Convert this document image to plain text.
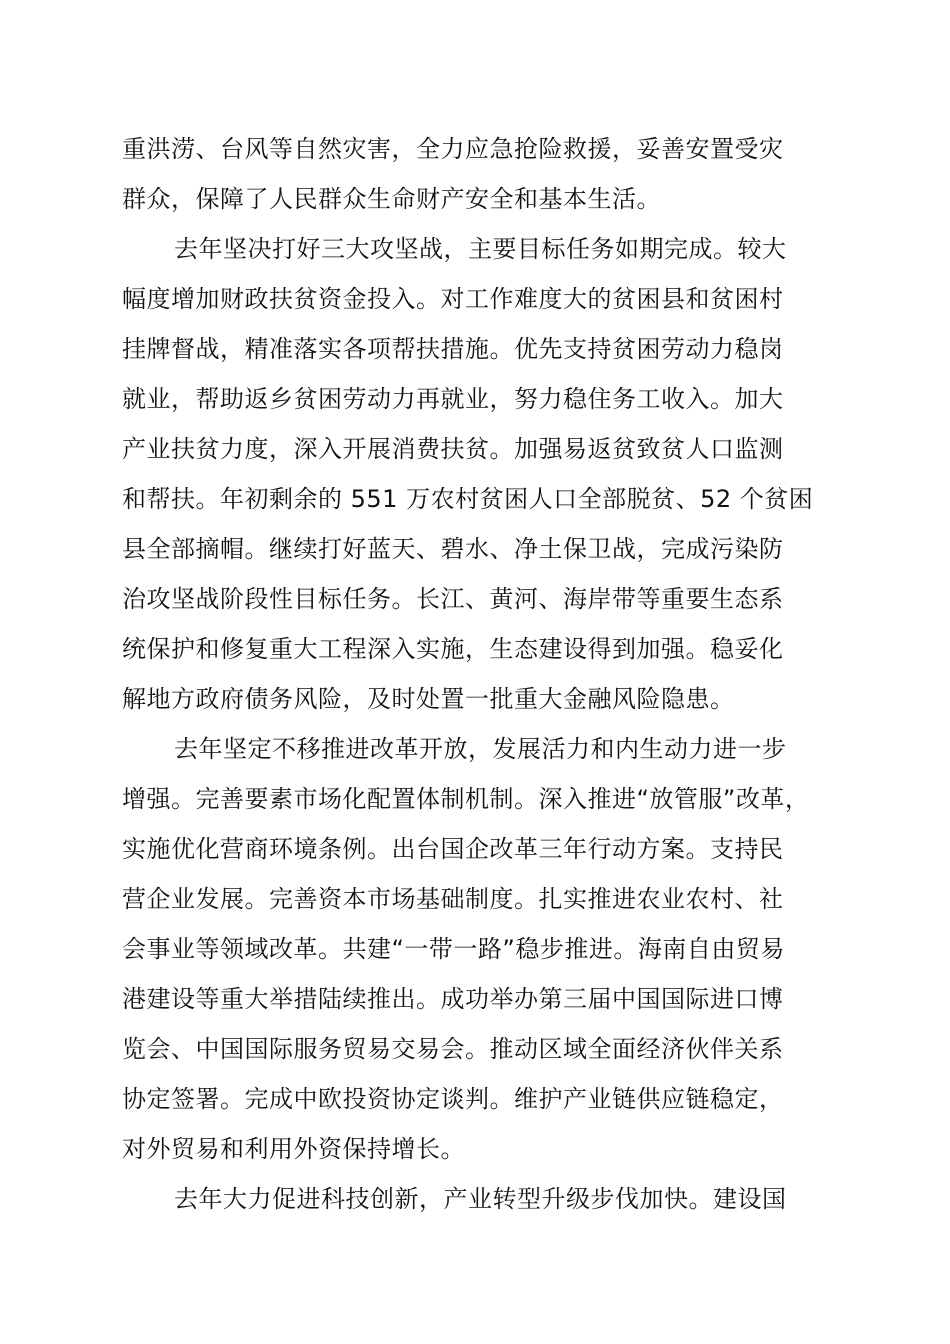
重洪涝、台风等自然灾害，全力应急抢险救援，妥善安置受灾
群众，保障了人民群众生命财产安全和基本生活。
去年坚决打好三大攻坚战，主要目标任务如期完成。较大
幅度增加财政扶贫资金投入。对工作难度大的贫困县和贫困村
挂牌督战，精准落实各项帮扶措施。优先支持贫困劳动力稳岗
就业，帮助返乡贫困劳动力再就业，努力稳住务工收入。加大
产业扶贫力度，深入开展消费扶贫。加强易返贫致贫人口监测
和帮扶。年初剩余的 551 万农村贫困人口全部脱贫、52 个贫困
县全部摘帽。继续打好蓝天、碧水、净土保卫战，完成污染防
治攻坚战阶段性目标任务。长江、黄河、海岸带等重要生态系
统保护和修复重大工程深入实施，生态建设得到加强。稳妥化
解地方政府债务风险，及时处置一批重大金融风险隐患。
去年坚定不移推进改革开放，发展活力和内生动力进一步
增强。完善要素市场化配置体制机制。深入推进“放管服”改革，
实施优化营商环境条例。出台国企改革三年行动方案。支持民
营企业发展。完善资本市场基础制度。扎实推进农业农村、社
会事业等领域改革。共建“一带一路”稳步推进。海南自由贸易
港建设等重大举措陆续推出。成功举办第三届中国国际进口博
览会、中国国际服务贸易交易会。推动区域全面经济伙伴关系
协定签署。完成中欧投资协定谈判。维护产业链供应链稳定，
对外贸易和利用外资保持增长。
去年大力促进科技创新，产业转型升级步伐加快。建设国
